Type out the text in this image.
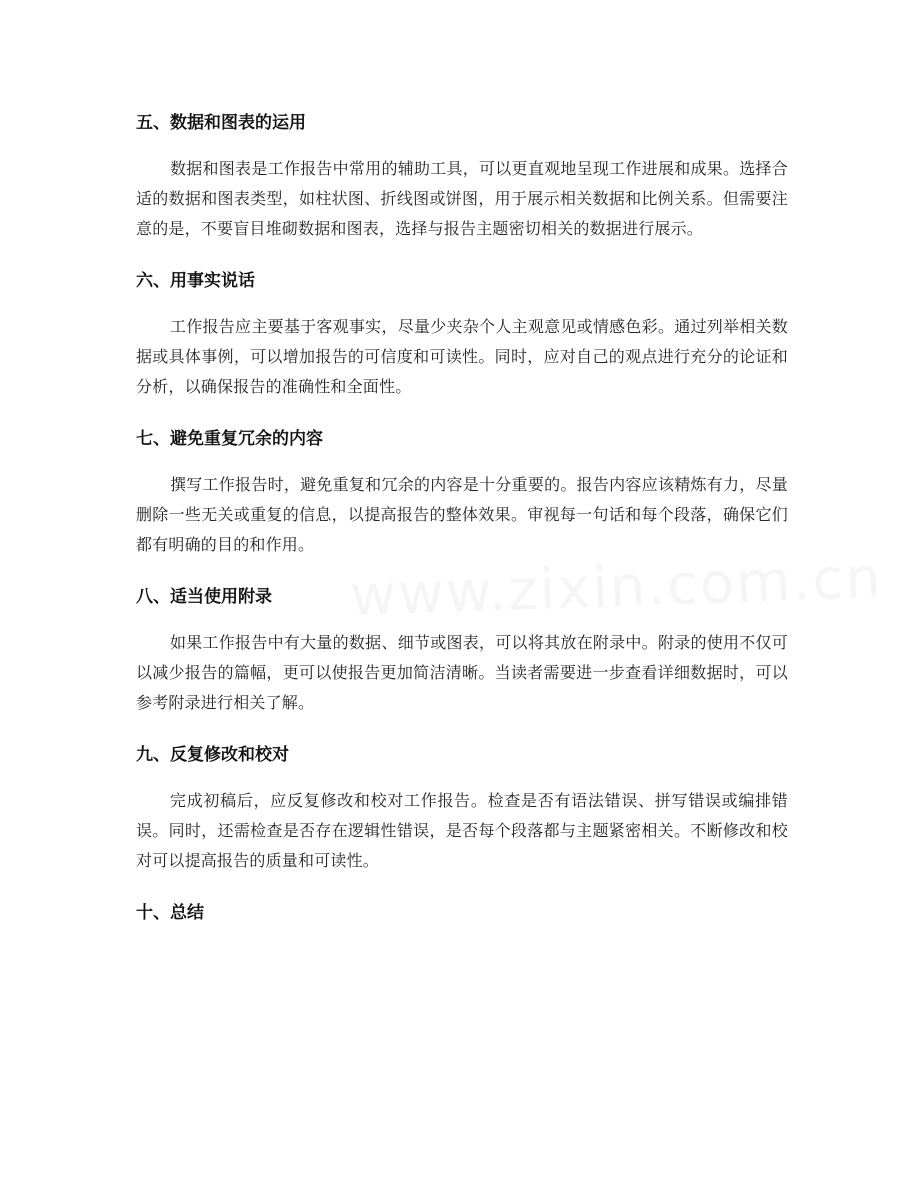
五、数据和图表的运用

数据和图表是工作报告中常用的辅助工具，可以更直观地呈现工作进展和成果。选择合适的数据和图表类型，如柱状图、折线图或饼图，用于展示相关数据和比例关系。但需要注意的是，不要盲目堆砌数据和图表，选择与报告主题密切相关的数据进行展示。

六、用事实说话

工作报告应主要基于客观事实，尽量少夹杂个人主观意见或情感色彩。通过列举相关数据或具体事例，可以增加报告的可信度和可读性。同时，应对自己的观点进行充分的论证和分析，以确保报告的准确性和全面性。

七、避免重复冗余的内容

撰写工作报告时，避免重复和冗余的内容是十分重要的。报告内容应该精炼有力，尽量删除一些无关或重复的信息，以提高报告的整体效果。审视每一句话和每个段落，确保它们都有明确的目的和作用。

八、适当使用附录

如果工作报告中有大量的数据、细节或图表，可以将其放在附录中。附录的使用不仅可以减少报告的篇幅，更可以使报告更加简洁清晰。当读者需要进一步查看详细数据时，可以参考附录进行相关了解。

九、反复修改和校对

完成初稿后，应反复修改和校对工作报告。检查是否有语法错误、拼写错误或编排错误。同时，还需检查是否存在逻辑性错误，是否每个段落都与主题紧密相关。不断修改和校对可以提高报告的质量和可读性。

十、总结
www.zixin.com.cn
